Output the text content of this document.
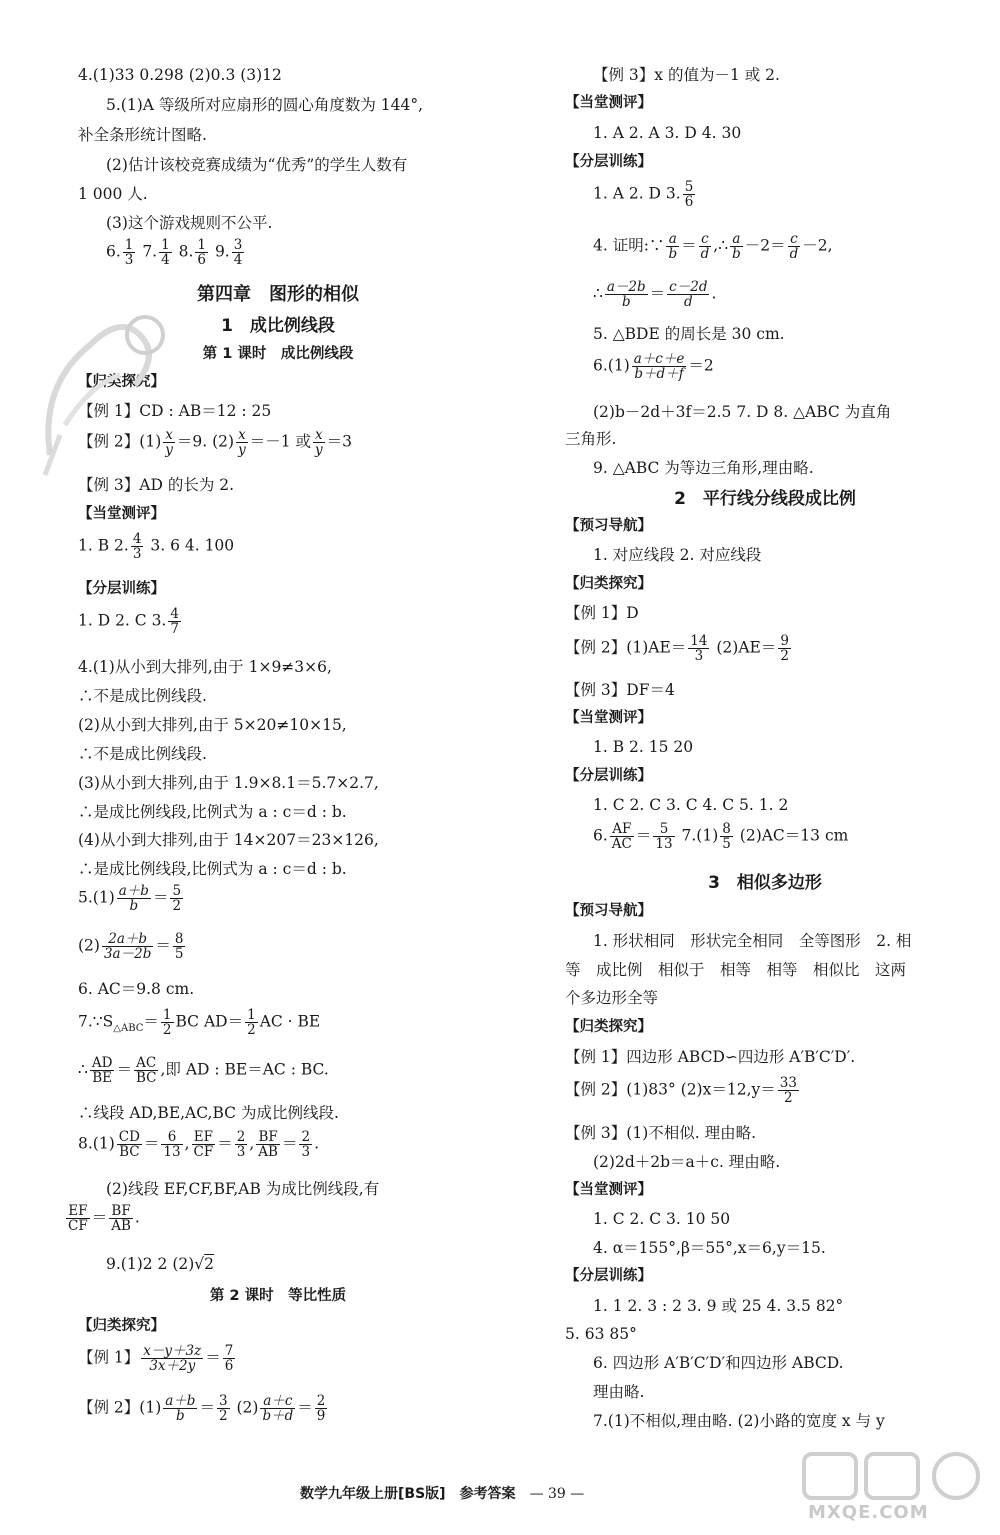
4.(1)33 0.298 (2)0.3 (3)12
5.(1)A 等级所对应扇形的圆心角度数为 144°,
补全条形统计图略.
(2)估计该校竞赛成绩为“优秀”的学生人数有
1 000 人.
(3)这个游戏规则不公平.
6. $\frac{1}{3} 7$. $\frac{1}{4} 8$. $\frac{1}{6} 9$. $\frac{3}{4}$
第四章　图形的相似
1　成比例线段
第 1 课时　成比例线段
【归类探究】
【例 1】CD : AB＝12 : 25
【例 2】$(1) \frac{x}{y} =9$. $(2) \frac{x}{y} =-1$ 或 $\frac{x}{y} =3$
【例 3】AD 的长为 2.
【当堂测评】
1. B 2. $\frac{4}{3} 3$. 6 4. 100
【分层训练】
1. D 2. C 3. $\frac{4}{7}$
4.(1)从小到大排列,由于 1×9≠3×6,
∴不是成比例线段.
(2)从小到大排列,由于 5×20≠10×15,
∴不是成比例线段.
(3)从小到大排列,由于 1.9×8.1＝5.7×2.7,
∴是成比例线段,比例式为 a : c＝d : b.
(4)从小到大排列,由于 14×207＝23×126,
∴是成比例线段,比例式为 a : c＝d : b.
$5.(1) \frac{a+b}{b} = \frac{5}{2}$
$(2) \frac{2a+b}{3a-2b} = \frac{8}{5}$
6. AC＝9.8 cm.
$7.\because S_{\triangle ABC}= \frac{1}{2}$ BC $AD= \frac{1}{2}$ AC · BE
∴ $\frac{AD}{BE} = \frac{AC}{BC}$ ,即 AD : BE＝AC : BC.
∴线段 AD,BE,AC,BC 为成比例线段.
$8.(1) \frac{CD}{BC} = \frac{6}{13}$ , $\frac{EF}{CF} = \frac{2}{3}$ , $\frac{BF}{AB} = \frac{2}{3}$ .
(2)线段 EF,CF,BF,AB 为成比例线段,有
$\frac{EF}{CF} = \frac{BF}{AB}$ .
9.(1)2 2 (2)√2
第 2 课时　等比性质
【归类探究】
【例 1】 $\frac{x-y+3z}{3x+2y} = \frac{7}{6}$
【例 2】$(1) \frac{a+b}{b} = \frac{3}{2} (2) \frac{a+c}{b+d} = \frac{2}{9}$
【例 3】x 的值为－1 或 2.
【当堂测评】
1. A 2. A 3. D 4. 30
【分层训练】
1. A 2. D 3. $\frac{5}{6}$
4. 证明:∵ $\frac{a}{b} = \frac{c}{d}$ ,∴ $\frac{a}{b} -2= \frac{c}{d} -2$,
∴ $\frac{a-2b}{b} = \frac{c-2d}{d}$ .
5. △BDE 的周长是 30 cm.
$6.(1) \frac{a+c+e}{b+d+f} =2$
(2)b－2d＋3f＝2.5 7. D 8. △ABC 为直角
三角形.
9. △ABC 为等边三角形,理由略.
2　平行线分线段成比例
【预习导航】
1. 对应线段 2. 对应线段
【归类探究】
【例 1】D
【例 2】$(1)AE= \frac{14}{3} (2)AE= \frac{9}{2}$
【例 3】DF＝4
【当堂测评】
1. B 2. 15 20
【分层训练】
1. C 2. C 3. C 4. C 5. 1. 2
6. $\frac{AF}{AC} = \frac{5}{13} 7.(1) \frac{8}{5} (2)AC=13$ cm
3　相似多边形
【预习导航】
1. 形状相同　形状完全相同　全等图形　2. 相
等　成比例　相似于　相等　相等　相似比　这两
个多边形全等
【归类探究】
【例 1】四边形 ABCD∽四边形 A′B′C′D′.
【例 2】(1)83° $(2)x=12,y= \frac{33}{2}$
【例 3】(1)不相似. 理由略.
(2)2d＋2b＝a＋c. 理由略.
【当堂测评】
1. C 2. C 3. 10 50
4. α＝155°,β＝55°,x＝6,y＝15.
【分层训练】
1. 1 2. 3 : 2 3. 9 或 25 4. 3.5 82°
5. 63 85°
6. 四边形 A′B′C′D′和四边形 ABCD.
理由略.
7.(1)不相似,理由略. (2)小路的宽度 x 与 y
数学九年级上册[BS版]　参考答案 — 39 —
MXQE.COM
